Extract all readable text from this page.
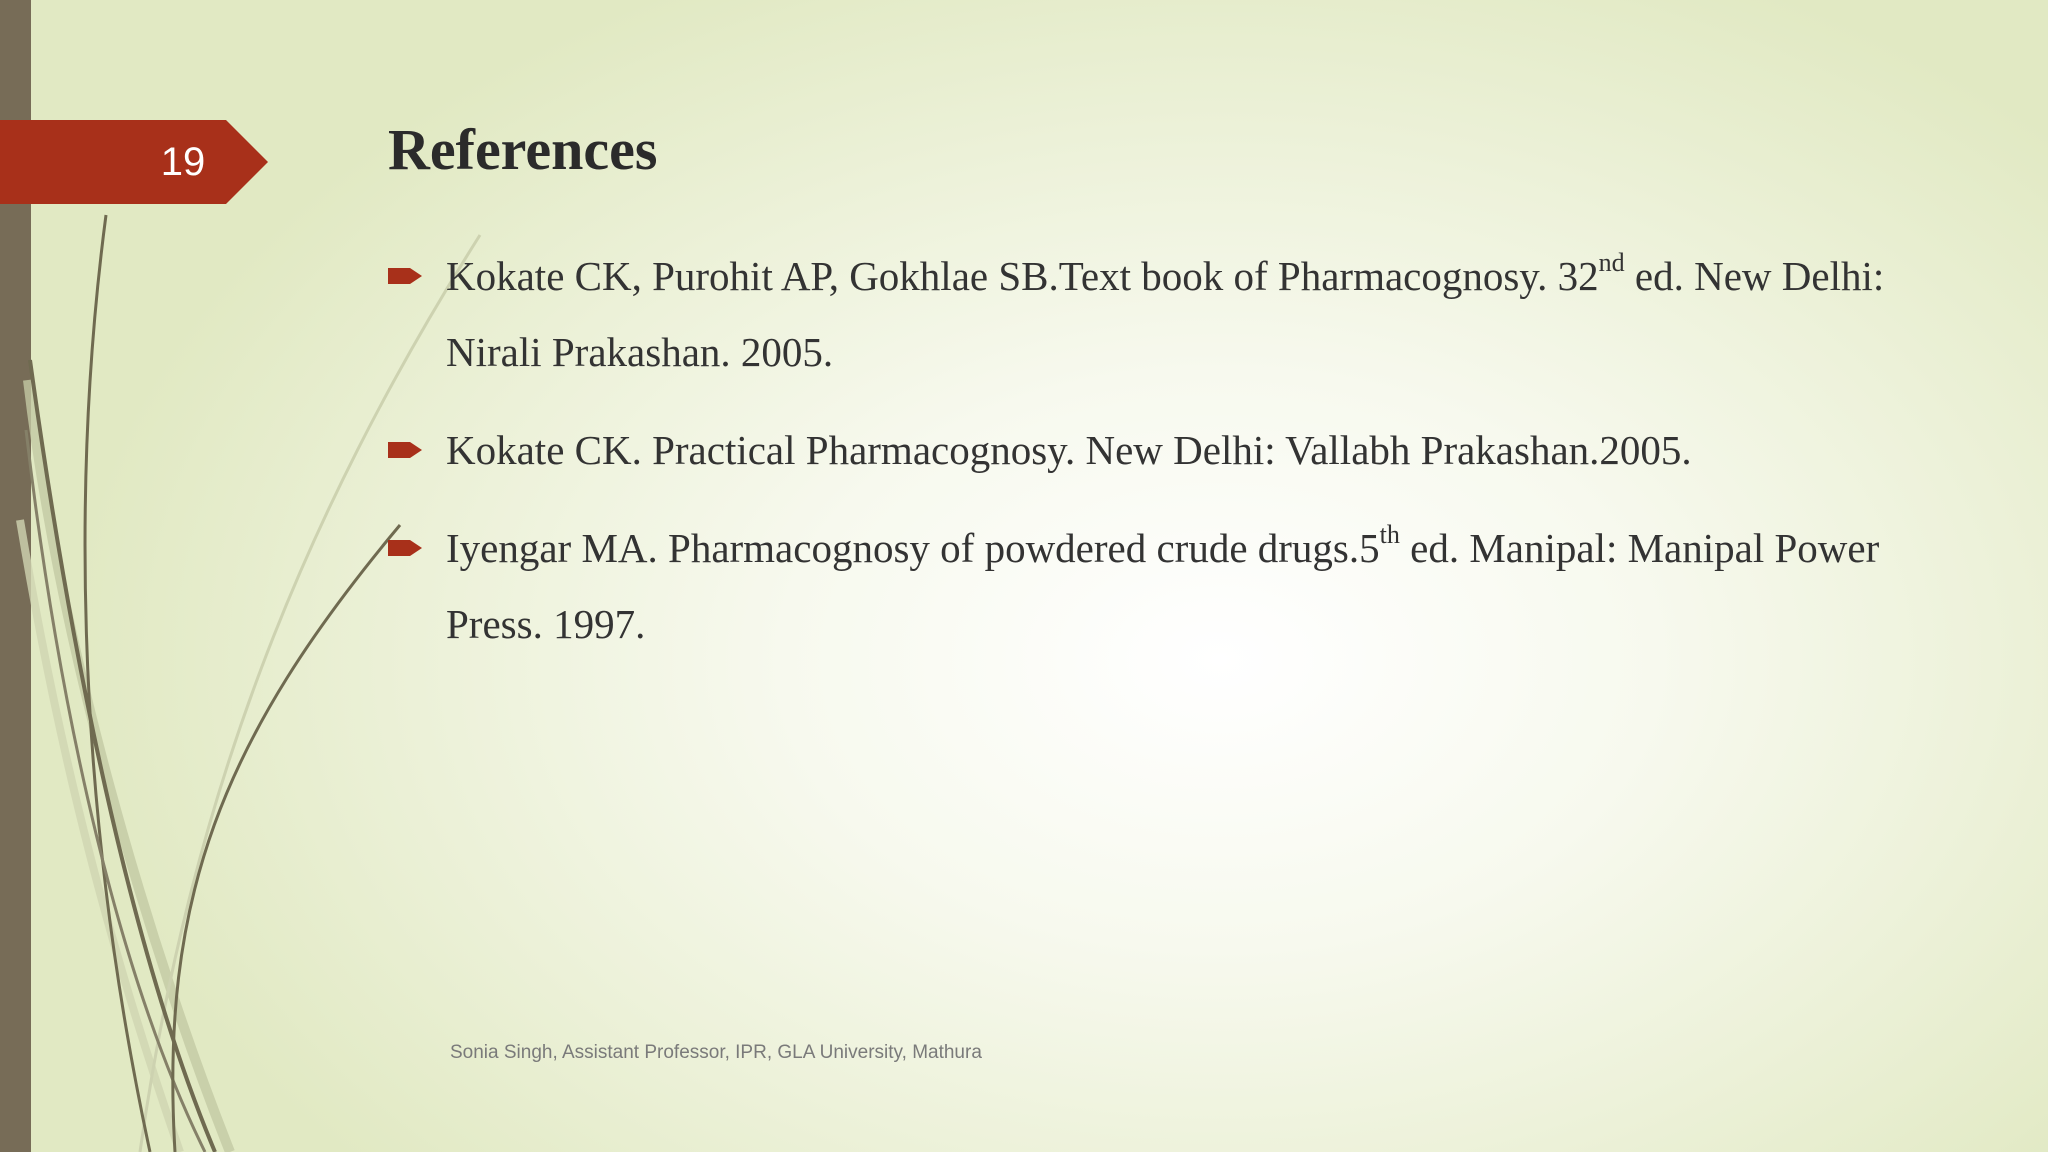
19	References
Kokate CK, Purohit AP, Gokhlae SB.Text book of Pharmacognosy. 32nd ed. New Delhi: Nirali Prakashan. 2005.
Kokate CK. Practical Pharmacognosy. New Delhi: Vallabh Prakashan.2005.
Iyengar MA. Pharmacognosy of powdered crude drugs.5th ed. Manipal: Manipal Power Press. 1997.
Sonia Singh, Assistant Professor, IPR, GLA University, Mathura
